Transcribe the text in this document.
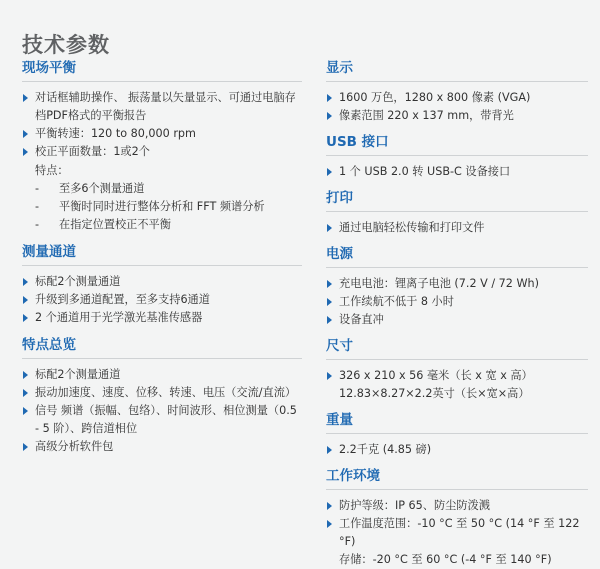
技术参数
现场平衡
对话框辅助操作、 振荡量以矢量显示、可通过电脑存档PDF格式的平衡报告
平衡转速：120 to 80,000 rpm
校正平面数量：1或2个
特点：
- 至多6个测量通道
- 平衡时同时进行整体分析和 FFT 频谱分析
- 在指定位置校正不平衡
测量通道
标配2个测量通道
升级到多通道配置，至多支持6通道
2 个通道用于光学激光基准传感器
特点总览
标配2个测量通道
振动加速度、速度、位移、转速、电压（交流/直流）
信号 频谱（振幅、包络）、时间波形、相位测量（0.5 - 5 阶）、跨信道相位
高级分析软件包
显示
1600 万色，1280 x 800 像素 (VGA)
像素范围 220 x 137 mm，带背光
USB 接口
1 个 USB 2.0 转 USB-C 设备接口
打印
通过电脑轻松传输和打印文件
电源
充电电池：锂离子电池 (7.2 V / 72 Wh)
工作续航不低于 8 小时
设备直冲
尺寸
326 x 210 x 56 毫米（长 x 宽 x 高）
12.83×8.27×2.2英寸（长×宽×高）
重量
2.2千克 (4.85 磅)
工作环境
防护等级：IP 65、防尘防泼溅
工作温度范围：-10 °C 至 50 °C (14 °F 至 122 °F)
存储：-20 °C 至 60 °C (-4 °F 至 140 °F)
